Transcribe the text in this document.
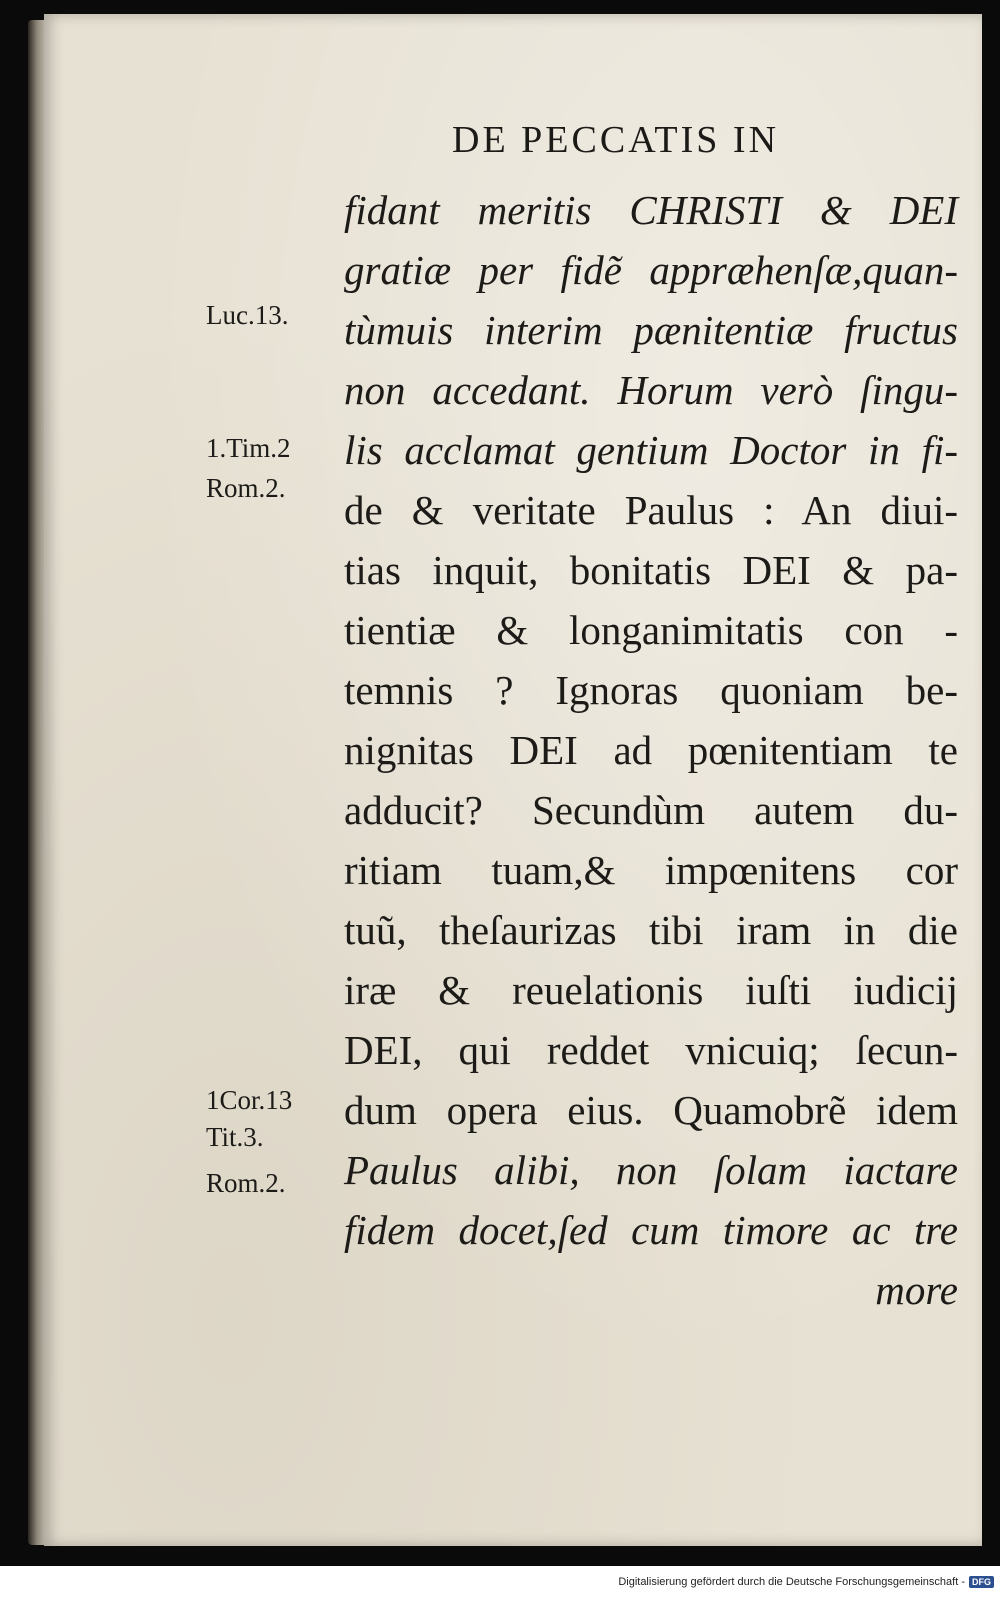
DE PECCATIS IN
Luc.13.
1.Tim.2
Rom.2.
1Cor.13
Tit.3.
Rom.2.
fidant meritis CHRISTI & DEI
gratiæ per fidẽ appræhenſæ,quan-
tùmuis interim pænitentiæ fructus
non accedant. Horum verò ſingu-
lis acclamat gentium Doctor in fi-
de & veritate Paulus : An diui-
tias inquit, bonitatis DEI & pa-
tientiæ & longanimitatis con -
temnis ? Ignoras quoniam be-
nignitas DEI ad pœnitentiam te
adducit? Secundùm autem du-
ritiam tuam,& impœnitens cor
tuũ, theſaurizas tibi iram in die
iræ & reuelationis iuſti iudicij
DEI, qui reddet vnicuiq; ſecun-
dum opera eius. Quamobrẽ idem
Paulus alibi, non ſolam iactare
fidem docet,ſed cum timore ac tre
more
Digitalisierung gefördert durch die Deutsche Forschungsgemeinschaft - DFG
